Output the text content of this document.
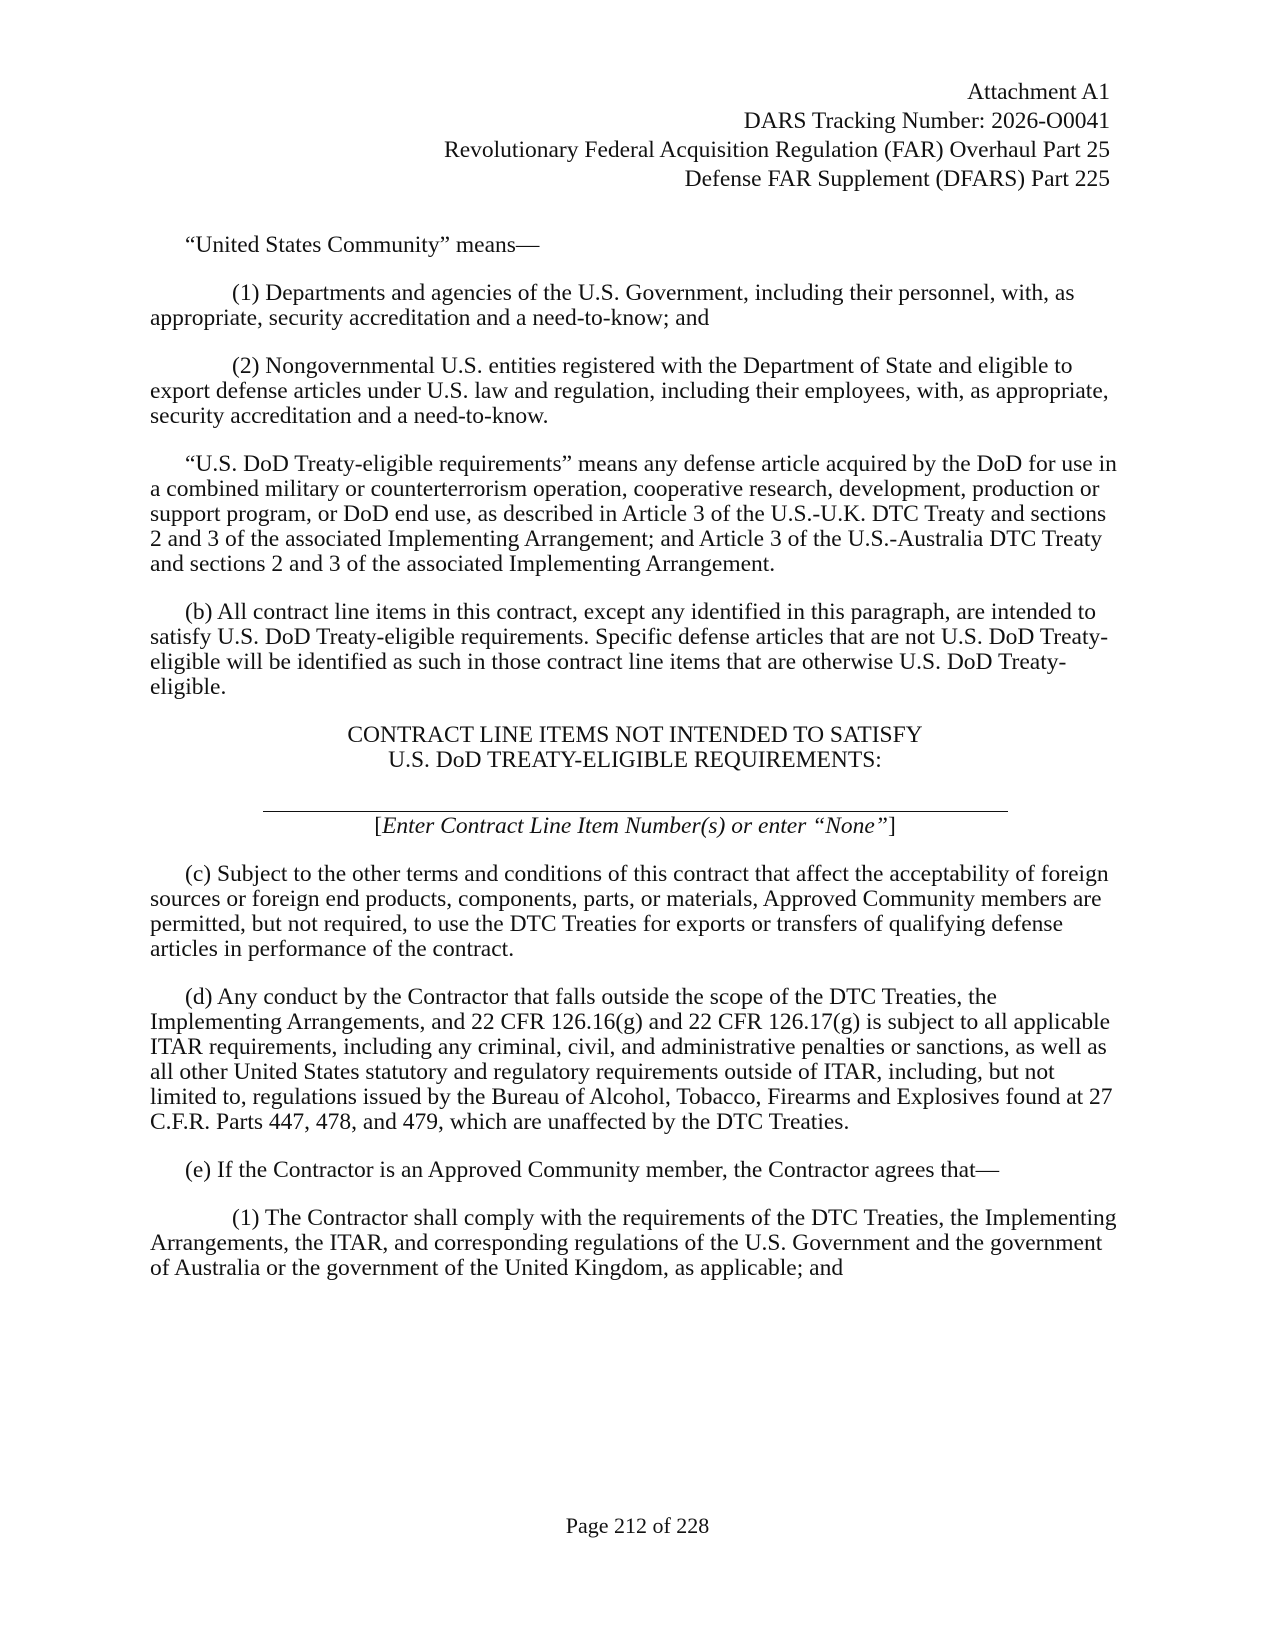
Attachment A1
DARS Tracking Number: 2026-O0041
Revolutionary Federal Acquisition Regulation (FAR) Overhaul Part 25
Defense FAR Supplement (DFARS) Part 225

“United States Community” means—

(1) Departments and agencies of the U.S. Government, including their personnel, with, as appropriate, security accreditation and a need-to-know; and

(2) Nongovernmental U.S. entities registered with the Department of State and eligible to export defense articles under U.S. law and regulation, including their employees, with, as appropriate, security accreditation and a need-to-know.

“U.S. DoD Treaty-eligible requirements” means any defense article acquired by the DoD for use in a combined military or counterterrorism operation, cooperative research, development, production or support program, or DoD end use, as described in Article 3 of the U.S.-U.K. DTC Treaty and sections 2 and 3 of the associated Implementing Arrangement; and Article 3 of the U.S.-Australia DTC Treaty and sections 2 and 3 of the associated Implementing Arrangement.

(b) All contract line items in this contract, except any identified in this paragraph, are intended to satisfy U.S. DoD Treaty-eligible requirements. Specific defense articles that are not U.S. DoD Treaty-eligible will be identified as such in those contract line items that are otherwise U.S. DoD Treaty-eligible.

CONTRACT LINE ITEMS NOT INTENDED TO SATISFY
U.S. DoD TREATY-ELIGIBLE REQUIREMENTS:
[Enter Contract Line Item Number(s) or enter “None”]

(c) Subject to the other terms and conditions of this contract that affect the acceptability of foreign sources or foreign end products, components, parts, or materials, Approved Community members are permitted, but not required, to use the DTC Treaties for exports or transfers of qualifying defense articles in performance of the contract.

(d) Any conduct by the Contractor that falls outside the scope of the DTC Treaties, the Implementing Arrangements, and 22 CFR 126.16(g) and 22 CFR 126.17(g) is subject to all applicable ITAR requirements, including any criminal, civil, and administrative penalties or sanctions, as well as all other United States statutory and regulatory requirements outside of ITAR, including, but not limited to, regulations issued by the Bureau of Alcohol, Tobacco, Firearms and Explosives found at 27 C.F.R. Parts 447, 478, and 479, which are unaffected by the DTC Treaties.

(e) If the Contractor is an Approved Community member, the Contractor agrees that—

(1) The Contractor shall comply with the requirements of the DTC Treaties, the Implementing Arrangements, the ITAR, and corresponding regulations of the U.S. Government and the government of Australia or the government of the United Kingdom, as applicable; and

Page 212 of 228
